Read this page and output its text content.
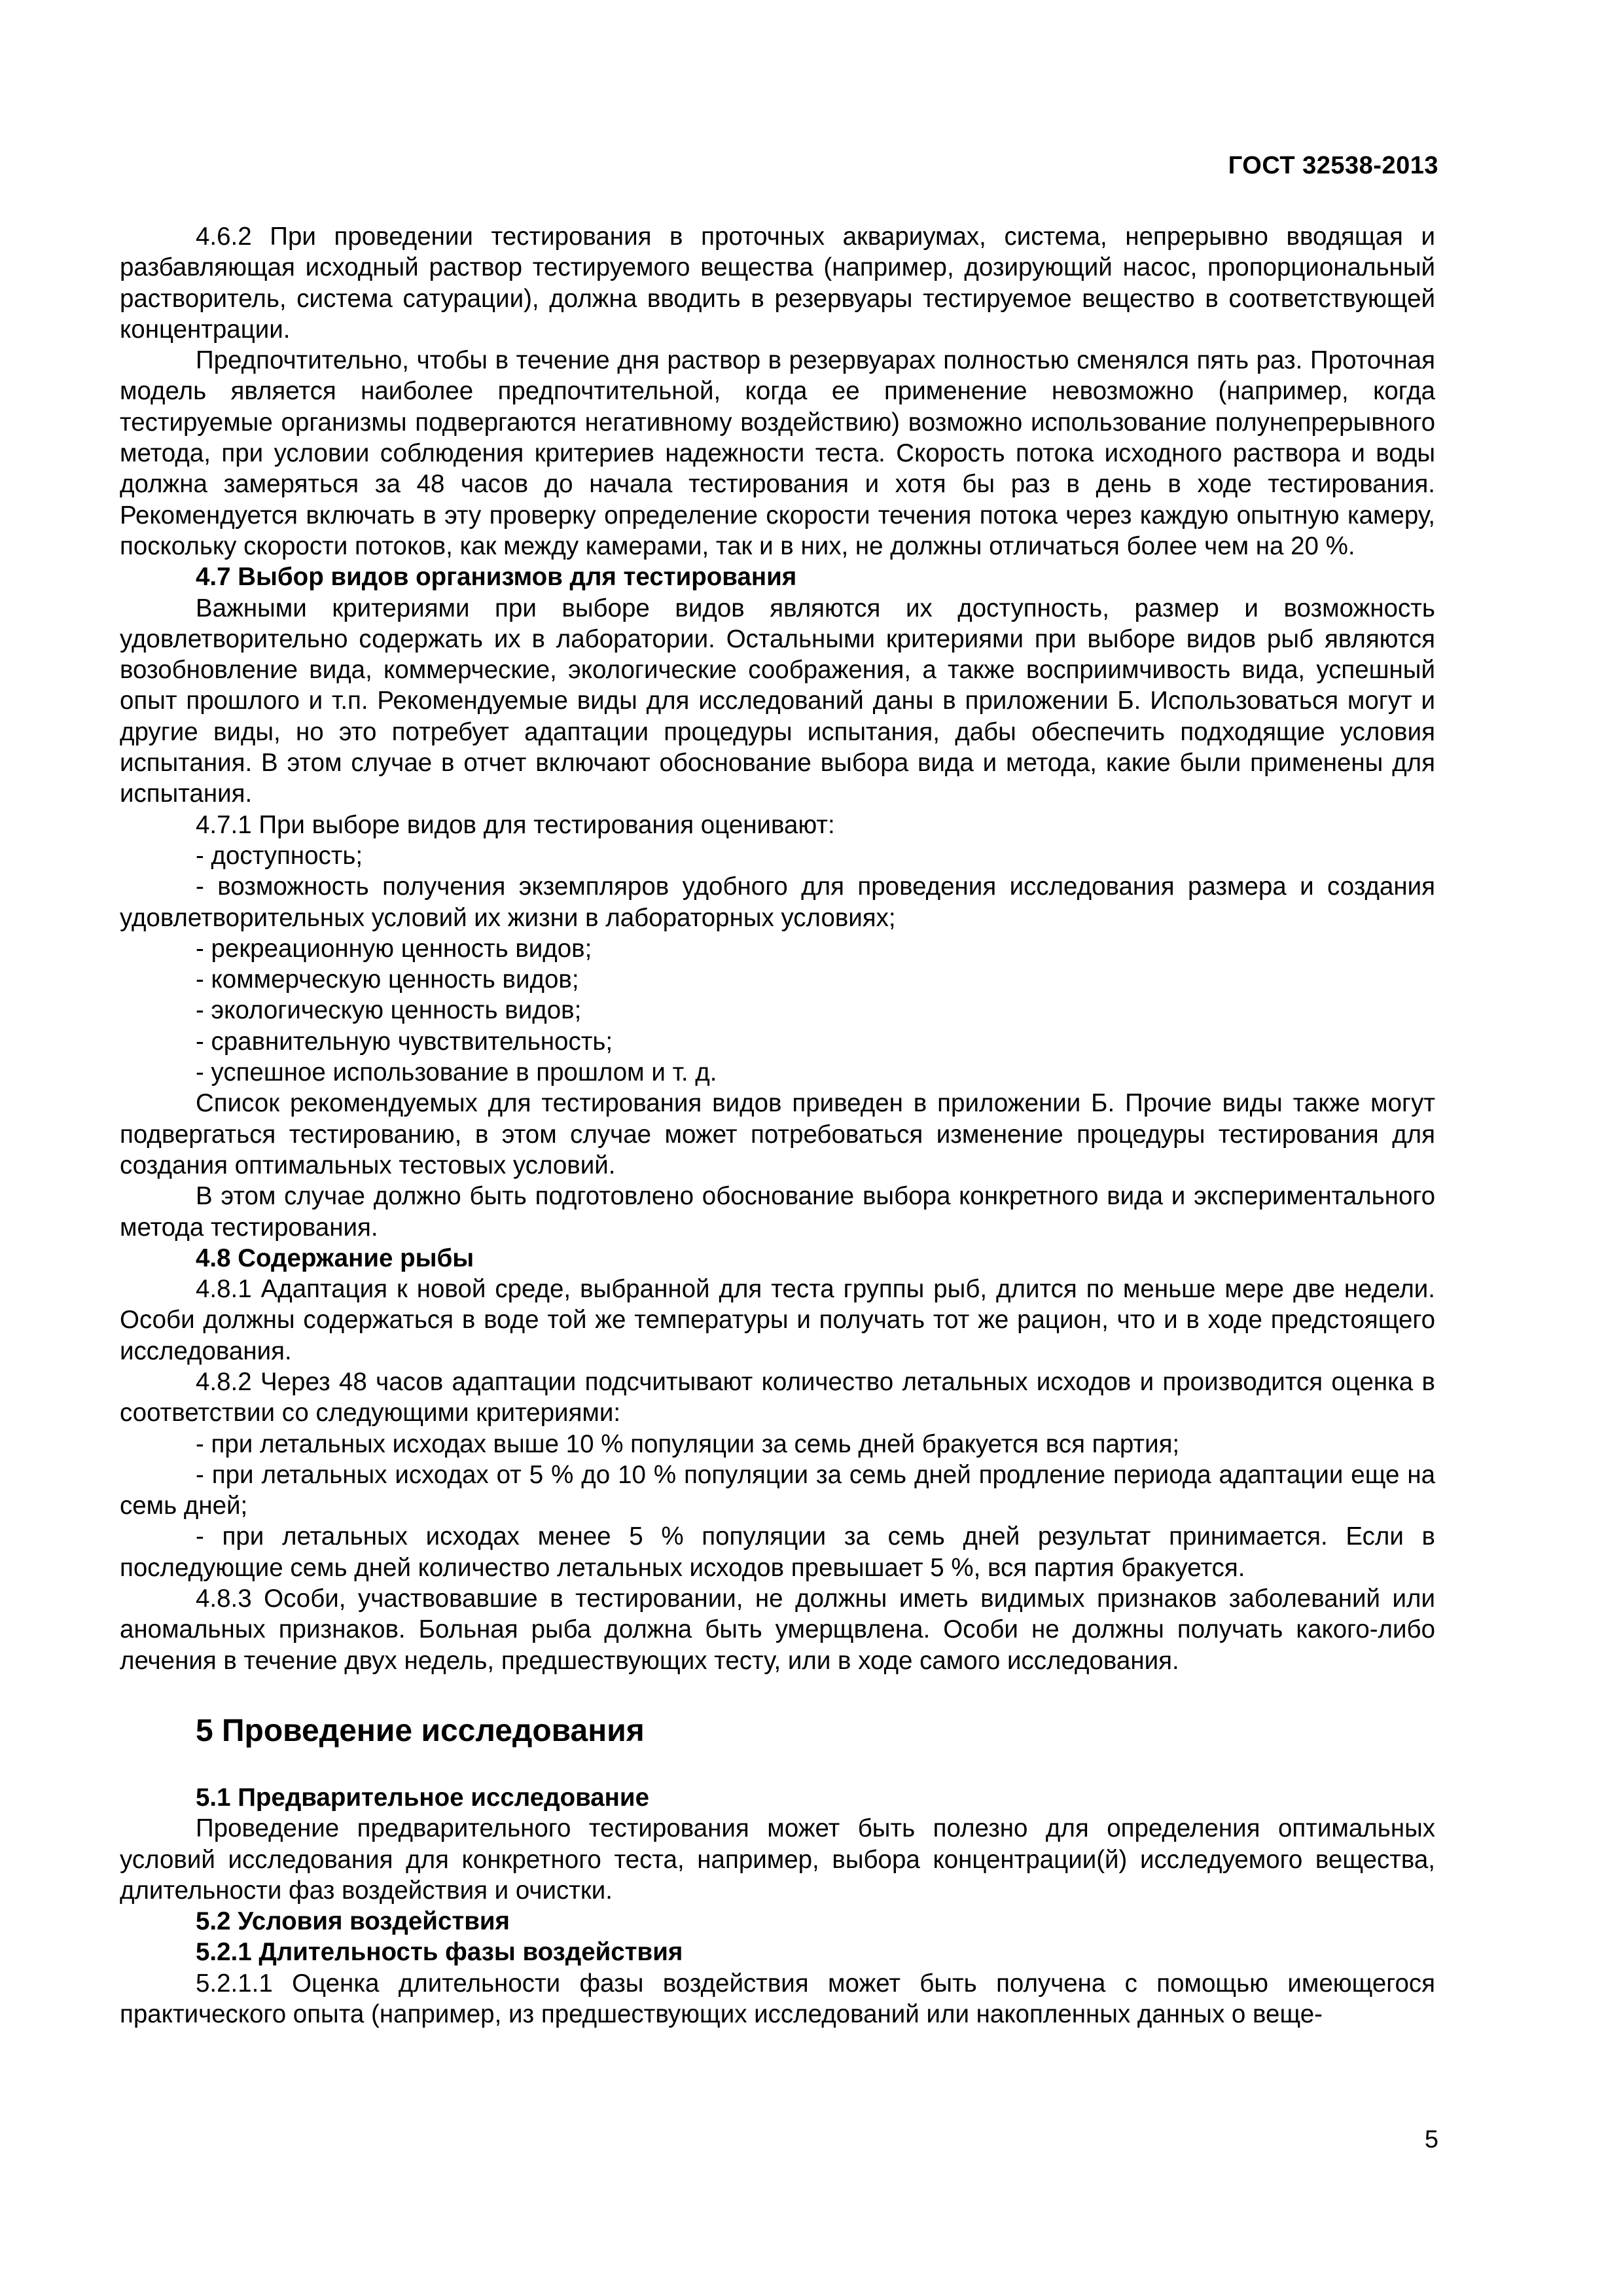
ГОСТ 32538-2013

4.6.2 При проведении тестирования в проточных аквариумах, система, непрерывно вводящая и разбавляющая исходный раствор тестируемого вещества (например, дозирующий насос, пропорциональный растворитель, система сатурации), должна вводить в резервуары тестируемое вещество в соответствующей концентрации.

Предпочтительно, чтобы в течение дня раствор в резервуарах полностью сменялся пять раз. Проточная модель является наиболее предпочтительной, когда ее применение невозможно (например, когда тестируемые организмы подвергаются негативному воздействию) возможно использование полунепрерывного метода, при условии соблюдения критериев надежности теста. Скорость потока исходного раствора и воды должна замеряться за 48 часов до начала тестирования и хотя бы раз в день в ходе тестирования. Рекомендуется включать в эту проверку определение скорости течения потока через каждую опытную камеру, поскольку скорости потоков, как между камерами, так и в них, не должны отличаться более чем на 20 %.

4.7 Выбор видов организмов для тестирования

Важными критериями при выборе видов являются их доступность, размер и возможность удовлетворительно содержать их в лаборатории. Остальными критериями при выборе видов рыб являются возобновление вида, коммерческие, экологические соображения, а также восприимчивость вида, успешный опыт прошлого и т.п. Рекомендуемые виды для исследований даны в приложении Б. Использоваться могут и другие виды, но это потребует адаптации процедуры испытания, дабы обеспечить подходящие условия испытания. В этом случае в отчет включают обоснование выбора вида и метода, какие были применены для испытания.

4.7.1 При выборе видов для тестирования оценивают:

- доступность;

- возможность получения экземпляров удобного для проведения исследования размера и создания удовлетворительных условий их жизни в лабораторных условиях;

- рекреационную ценность видов;

- коммерческую ценность видов;

- экологическую ценность видов;

- сравнительную чувствительность;

- успешное использование в прошлом и т. д.

Список рекомендуемых для тестирования видов приведен в приложении Б. Прочие виды также могут подвергаться тестированию, в этом случае может потребоваться изменение процедуры тестирования для создания оптимальных тестовых условий.

В этом случае должно быть подготовлено обоснование выбора конкретного вида и экспериментального метода тестирования.

4.8 Содержание рыбы

4.8.1 Адаптация к новой среде, выбранной для теста группы рыб, длится по меньше мере две недели. Особи должны содержаться в воде той же температуры и получать тот же рацион, что и в ходе предстоящего исследования.

4.8.2 Через 48 часов адаптации подсчитывают количество летальных исходов и производится оценка в соответствии со следующими критериями:

- при летальных исходах выше 10 % популяции за семь дней бракуется вся партия;

- при летальных исходах от 5 % до 10 % популяции за семь дней продление периода адаптации еще на семь дней;

- при летальных исходах менее 5 % популяции за семь дней результат принимается. Если в последующие семь дней количество летальных исходов превышает 5 %, вся партия бракуется.

4.8.3 Особи, участвовавшие в тестировании, не должны иметь видимых признаков заболеваний или аномальных признаков. Больная рыба должна быть умерщвлена. Особи не должны получать какого-либо лечения в течение двух недель, предшествующих тесту, или в ходе самого исследования.

5 Проведение исследования

5.1 Предварительное исследование

Проведение предварительного тестирования может быть полезно для определения оптимальных условий исследования для конкретного теста, например, выбора концентрации(й) исследуемого вещества, длительности фаз воздействия и очистки.

5.2 Условия воздействия

5.2.1 Длительность фазы воздействия

5.2.1.1 Оценка длительности фазы воздействия может быть получена с помощью имеющегося практического опыта (например, из предшествующих исследований или накопленных данных о веще-

5
